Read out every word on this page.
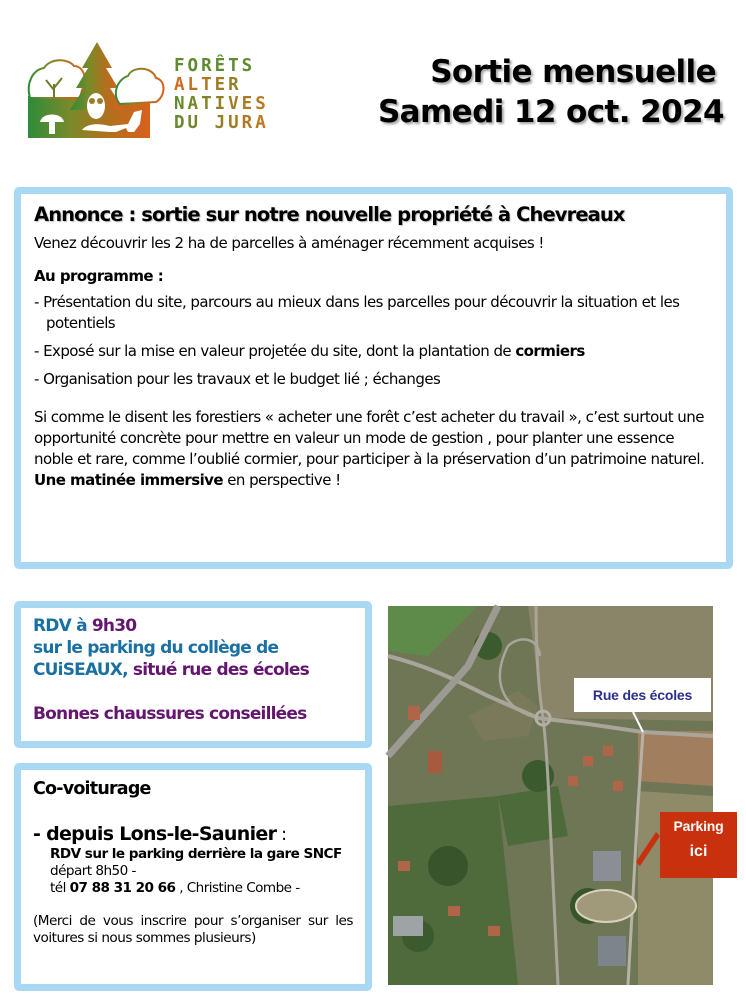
FORÊTS
ALTER
NATIVES
DU JURA
Sortie mensuelle
Samedi 12 oct. 2024
Annonce : sortie sur notre nouvelle propriété à Chevreaux

Venez découvrir les 2 ha de parcelles à aménager récemment acquises !

Au programme :

- Présentation du site, parcours au mieux dans les parcelles pour découvrir la situation et les potentiels
- Exposé sur la mise en valeur projetée du site, dont la plantation de cormiers
- Organisation pour les travaux et le budget lié ; échanges

Si comme le disent les forestiers « acheter une forêt c’est acheter du travail », c’est surtout une opportunité concrète pour mettre en valeur un mode de gestion , pour planter une essence noble et rare, comme l’oublié cormier, pour participer à la préservation d’un patrimoine naturel.
Une matinée immersive en perspective !

RDV à 9h30

sur le parking du collège de

CUiSEAUX, situé rue des écoles

Bonnes chaussures conseillées

Co-voiturage

- depuis Lons-le-Saunier :

RDV sur le parking derrière la gare SNCF

départ 8h50 -

tél 07 88 31 20 66 , Christine Combe -

(Merci de vous inscrire pour s’organiser sur les voitures si nous sommes plusieurs)

Rue des écoles
Parking
ici
